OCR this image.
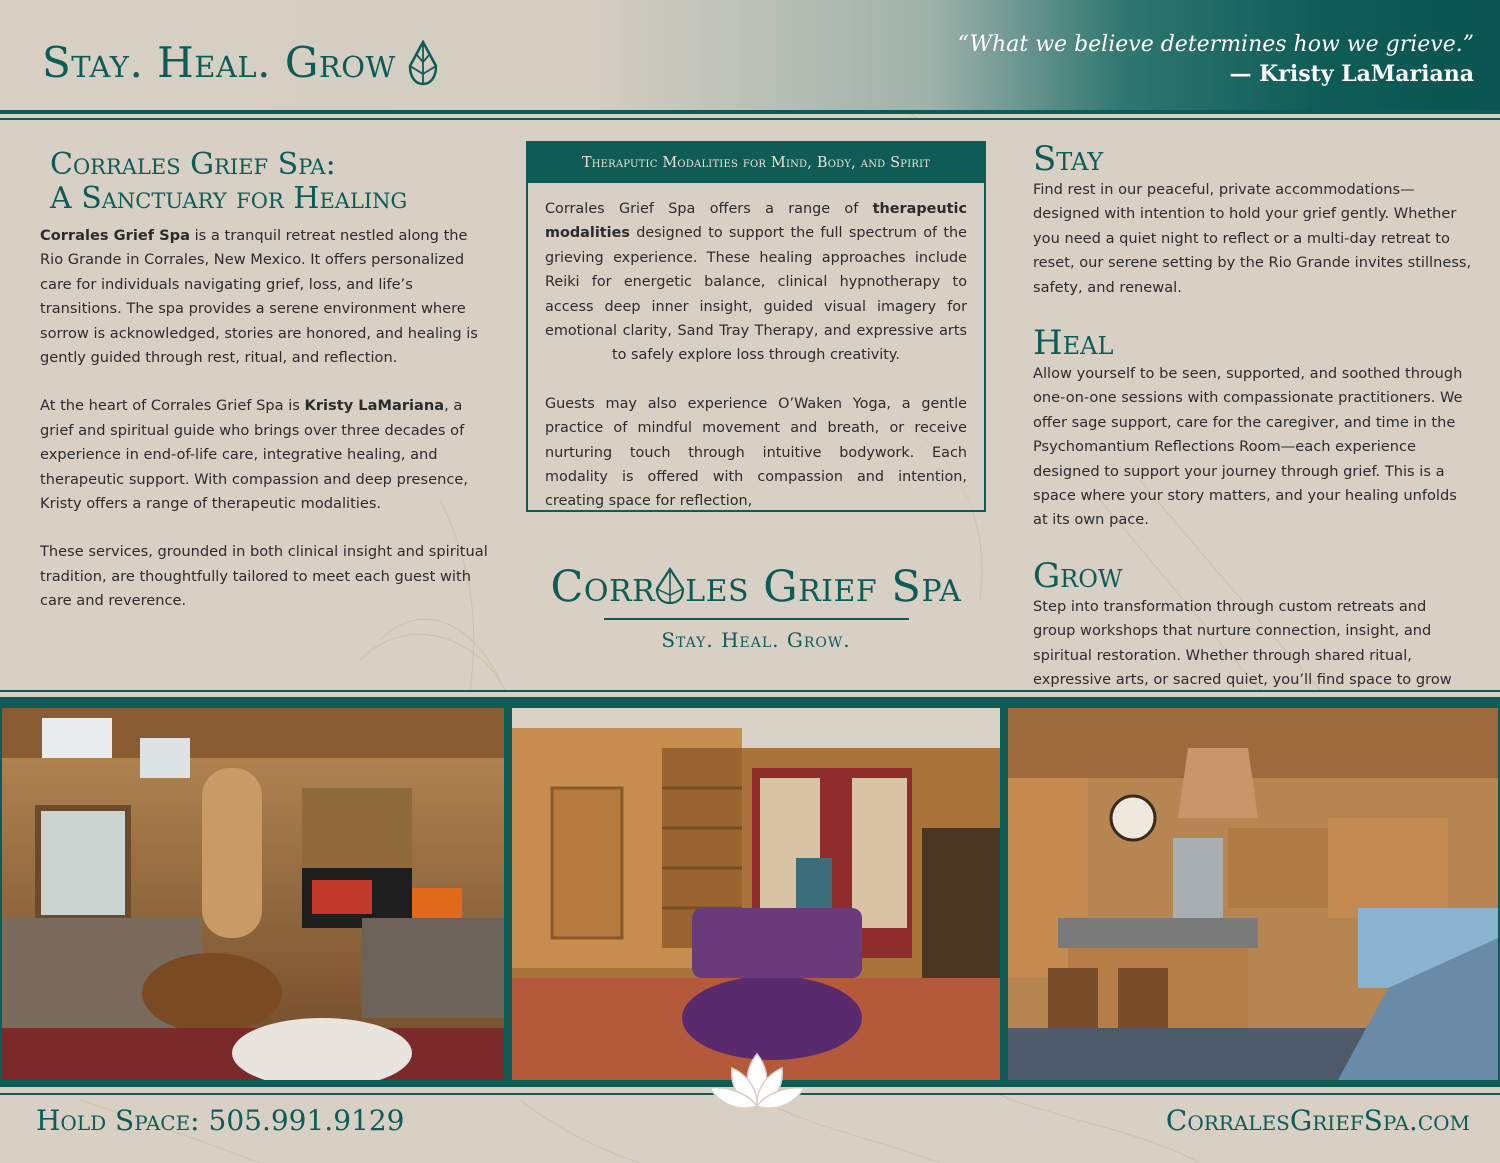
Stay. Heal. Grow	“What we believe determines how we grieve.”
— Kristy LaMariana
Corrales Grief Spa:
A Sanctuary for Healing

Corrales Grief Spa is a tranquil retreat nestled along the Rio Grande in Corrales, New Mexico. It offers personalized care for individuals navigating grief, loss, and life’s transitions. The spa provides a serene environment where sorrow is acknowledged, stories are honored, and healing is gently guided through rest, ritual, and reflection.

At the heart of Corrales Grief Spa is Kristy LaMariana, a grief and spiritual guide who brings over three decades of experience in end-of-life care, integrative healing, and therapeutic support. With compassion and deep presence, Kristy offers a range of therapeutic modalities.

These services, grounded in both clinical insight and spiritual tradition, are thoughtfully tailored to meet each guest with care and reverence.

Theraputic Modalities for Mind, Body, and Spirit

Corrales Grief Spa offers a range of therapeutic modalities designed to support the full spectrum of the grieving experience. These healing approaches include Reiki for energetic balance, clinical hypnotherapy to access deep inner insight, guided visual imagery for emotional clarity, Sand Tray Therapy, and expressive arts to safely explore loss through creativity.

Guests may also experience O’Waken Yoga, a gentle practice of mindful movement and breath, or receive nurturing touch through intuitive bodywork. Each modality is offered with compassion and intention, creating space for reflection,

Corr les Grief Spa
Stay. Heal. Grow.
Stay

Find rest in our peaceful, private accommodations—designed with intention to hold your grief gently. Whether you need a quiet night to reflect or a multi-day retreat to reset, our serene setting by the Rio Grande invites stillness, safety, and renewal.

Heal

Allow yourself to be seen, supported, and soothed through one-on-one sessions with compassionate practitioners. We offer sage support, care for the caregiver, and time in the Psychomantium Reflections Room—each experience designed to support your journey through grief. This is a space where your story matters, and your healing unfolds at its own pace.

Grow

Step into transformation through custom retreats and group workshops that nurture connection, insight, and spiritual restoration. Whether through shared ritual, expressive arts, or sacred quiet, you’ll find space to grow

Hold Space: 505.991.9129	CorralesGriefSpa.com
